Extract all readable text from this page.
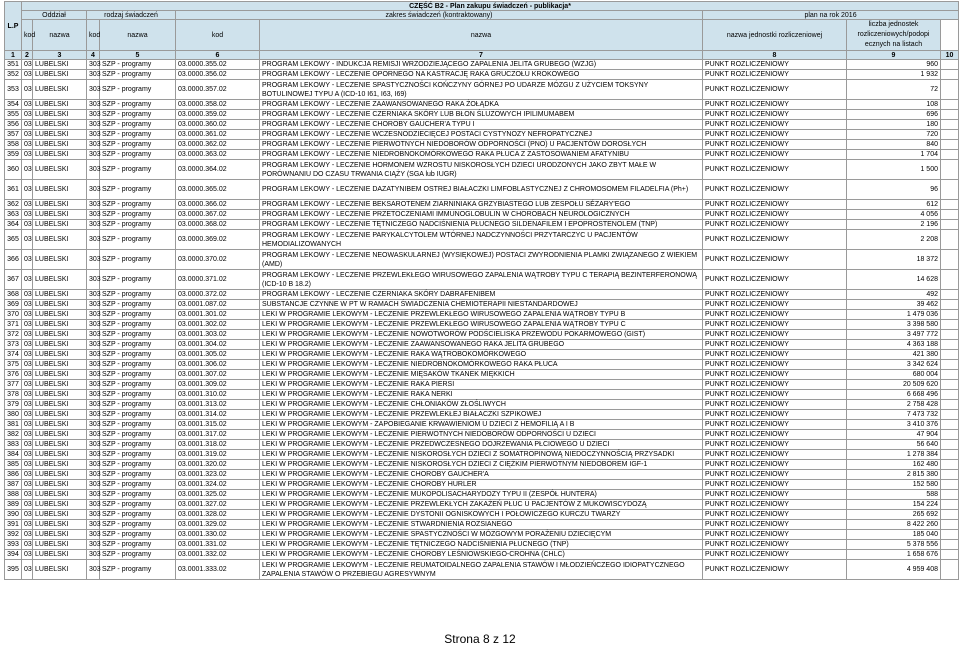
L.P	CZĘŚĆ B2 - Plan zakupu świadczeń - publikacja*									
	Oddział		rodzaj świadczeń		zakres świadczeń (kontraktowany)		plan na rok 2016	
	kod	nazwa	kod	nazwa	kod	nazwa	nazwa jednostki rozliczeniowej	liczba jednostek
rozliczeniowych/podopi
ecznych na listach		
1	2	3	4	5	6	7	8	9	10	
351	03	LUBELSKI	303	SZP - programy	03.0000.355.02	PROGRAM LEKOWY - INDUKCJA REMISJI WRZODZIEJĄCEGO ZAPALENIA JELITA GRUBEGO (WZJG)	PUNKT ROZLICZENIOWY	960		
352	03	LUBELSKI	303	SZP - programy	03.0000.356.02	PROGRAM LEKOWY - LECZENIE OPORNEGO NA KASTRACJĘ RAKA GRUCZOŁU KROKOWEGO	PUNKT ROZLICZENIOWY	1 932		
353	03	LUBELSKI	303	SZP - programy	03.0000.357.02	PROGRAM LEKOWY - LECZENIE SPASTYCZNOŚCI KOŃCZYNY GÓRNEJ PO UDARZE MÓZGU Z UŻYCIEM TOKSYNY BOTULINOWEJ TYPU A (ICD-10 I61, I63, I69)	PUNKT ROZLICZENIOWY	72		
354	03	LUBELSKI	303	SZP - programy	03.0000.358.02	PROGRAM LEKOWY - LECZENIE ZAAWANSOWANEGO RAKA ŻOŁĄDKA	PUNKT ROZLICZENIOWY	108		
355	03	LUBELSKI	303	SZP - programy	03.0000.359.02	PROGRAM LEKOWY - LECZENIE CZERNIAKA SKÓRY LUB BŁON ŚLUZOWYCH IPILIMUMABEM	PUNKT ROZLICZENIOWY	696		
356	03	LUBELSKI	303	SZP - programy	03.0000.360.02	PROGRAM LEKOWY - LECZENIE CHOROBY GAUCHER'A TYPU I	PUNKT ROZLICZENIOWY	180		
357	03	LUBELSKI	303	SZP - programy	03.0000.361.02	PROGRAM LEKOWY - LECZENIE WCZESNODZIECIĘCEJ POSTACI CYSTYNOZY NEFROPATYCZNEJ	PUNKT ROZLICZENIOWY	720		
358	03	LUBELSKI	303	SZP - programy	03.0000.362.02	PROGRAM LEKOWY - LECZENIE PIERWOTNYCH NIEDOBORÓW ODPORNOŚCI (PNO) U PACJENTÓW DOROSŁYCH	PUNKT ROZLICZENIOWY	840		
359	03	LUBELSKI	303	SZP - programy	03.0000.363.02	PROGRAM LEKOWY - LECZENIE NIEDROBNOKOMÓRKOWEGO RAKA PŁUCA Z ZASTOSOWANIEM AFATYNIBU	PUNKT ROZLICZENIOWY	1 704		
360	03	LUBELSKI	303	SZP - programy	03.0000.364.02	PROGRAM LEKOWY - LECZENIE HORMONEM WZROSTU NISKOROSŁYCH DZIECI URODZONYCH JAKO ZBYT MAŁE W PORÓWNANIU DO CZASU TRWANIA CIĄŻY (SGA lub IUGR)	PUNKT ROZLICZENIOWY	1 500		
361	03	LUBELSKI	303	SZP - programy	03.0000.365.02	PROGRAM LEKOWY - LECZENIE DAZATYNIBEM OSTREJ BIAŁACZKI LIMFOBLASTYCZNEJ Z CHROMOSOMEM FILADELFIA (Ph+)	PUNKT ROZLICZENIOWY	96		
362	03	LUBELSKI	303	SZP - programy	03.0000.366.02	PROGRAM LEKOWY - LECZENIE BEKSAROTENEM ZIARNINIAKA GRZYBIASTEGO LUB ZESPOŁU SÉZARY'EGO	PUNKT ROZLICZENIOWY	612		
363	03	LUBELSKI	303	SZP - programy	03.0000.367.02	PROGRAM LEKOWY - LECZENIE PRZETOCZENIAMI IMMUNOGLOBULIN W CHOROBACH NEUROLOGICZNYCH	PUNKT ROZLICZENIOWY	4 056		
364	03	LUBELSKI	303	SZP - programy	03.0000.368.02	PROGRAM LEKOWY - LECZENIE TĘTNICZEGO NADCIŚNIENIA PŁUCNEGO SILDENAFILEM I EPOPROSTENOLEM (TNP)	PUNKT ROZLICZENIOWY	2 196		
365	03	LUBELSKI	303	SZP - programy	03.0000.369.02	PROGRAM LEKOWY - LECZENIE PARYKALCYTOLEM WTÓRNEJ NADCZYNNOŚCI PRZYTARCZYC U PACJENTÓW HEMODIALIZOWANYCH	PUNKT ROZLICZENIOWY	2 208		
366	03	LUBELSKI	303	SZP - programy	03.0000.370.02	PROGRAM LEKOWY - LECZENIE NEOWASKULARNEJ (WYSIĘKOWEJ) POSTACI ZWYRODNIENIA PLAMKI ZWIĄZANEGO Z WIEKIEM (AMD)	PUNKT ROZLICZENIOWY	18 372		
367	03	LUBELSKI	303	SZP - programy	03.0000.371.02	PROGRAM LEKOWY - LECZENIE PRZEWLEKŁEGO WIRUSOWEGO ZAPALENIA WĄTROBY TYPU C TERAPIĄ BEZINTERFERONOWĄ (ICD-10 B 18.2)	PUNKT ROZLICZENIOWY	14 628		
368	03	LUBELSKI	303	SZP - programy	03.0000.372.02	PROGRAM LEKOWY - LECZENIE CZERNIAKA SKÓRY DABRAFENIBEM	PUNKT ROZLICZENIOWY	492		
369	03	LUBELSKI	303	SZP - programy	03.0001.087.02	SUBSTANCJE CZYNNE W PT W RAMACH ŚWIADCZENIA CHEMIOTERAPII NIESTANDARDOWEJ	PUNKT ROZLICZENIOWY	39 462		
370	03	LUBELSKI	303	SZP - programy	03.0001.301.02	LEKI W PROGRAMIE LEKOWYM - LECZENIE PRZEWLEKŁEGO WIRUSOWEGO ZAPALENIA WĄTROBY TYPU B	PUNKT ROZLICZENIOWY	1 479 036		
371	03	LUBELSKI	303	SZP - programy	03.0001.302.02	LEKI W PROGRAMIE LEKOWYM - LECZENIE PRZEWLEKŁEGO WIRUSOWEGO ZAPALENIA WĄTROBY TYPU C	PUNKT ROZLICZENIOWY	3 398 580		
372	03	LUBELSKI	303	SZP - programy	03.0001.303.02	LEKI W PROGRAMIE LEKOWYM - LECZENIE NOWOTWORÓW PODŚCIELISKA PRZEWODU POKARMOWEGO (GIST)	PUNKT ROZLICZENIOWY	3 497 772		
373	03	LUBELSKI	303	SZP - programy	03.0001.304.02	LEKI W PROGRAMIE LEKOWYM - LECZENIE ZAAWANSOWANEGO RAKA JELITA GRUBEGO	PUNKT ROZLICZENIOWY	4 363 188		
374	03	LUBELSKI	303	SZP - programy	03.0001.305.02	LEKI W PROGRAMIE LEKOWYM - LECZENIE RAKA WĄTROBOKOMÓRKOWEGO	PUNKT ROZLICZENIOWY	421 380		
375	03	LUBELSKI	303	SZP - programy	03.0001.306.02	LEKI W PROGRAMIE LEKOWYM - LECZENIE NIEDROBNOKOMÓRKOWEGO RAKA PŁUCA	PUNKT ROZLICZENIOWY	3 342 624		
376	03	LUBELSKI	303	SZP - programy	03.0001.307.02	LEKI W PROGRAMIE LEKOWYM - LECZENIE MIĘSAKÓW TKANEK MIĘKKICH	PUNKT ROZLICZENIOWY	680 004		
377	03	LUBELSKI	303	SZP - programy	03.0001.309.02	LEKI W PROGRAMIE LEKOWYM - LECZENIE RAKA PIERSI	PUNKT ROZLICZENIOWY	20 509 620		
378	03	LUBELSKI	303	SZP - programy	03.0001.310.02	LEKI W PROGRAMIE LEKOWYM - LECZENIE RAKA NERKI	PUNKT ROZLICZENIOWY	6 668 496		
379	03	LUBELSKI	303	SZP - programy	03.0001.313.02	LEKI W PROGRAMIE LEKOWYM - LECZENIE CHŁONIAKÓW ZŁOŚLIWYCH	PUNKT ROZLICZENIOWY	2 758 428		
380	03	LUBELSKI	303	SZP - programy	03.0001.314.02	LEKI W PROGRAMIE LEKOWYM - LECZENIE PRZEWLEKŁEJ BIAŁACZKI SZPIKOWEJ	PUNKT ROZLICZENIOWY	7 473 732		
381	03	LUBELSKI	303	SZP - programy	03.0001.315.02	LEKI W PROGRAMIE LEKOWYM - ZAPOBIEGANIE KRWAWIENIOM U DZIECI Z HEMOFILIĄ A I B	PUNKT ROZLICZENIOWY	3 410 376		
382	03	LUBELSKI	303	SZP - programy	03.0001.317.02	LEKI W PROGRAMIE LEKOWYM - LECZENIE PIERWOTNYCH NIEDOBORÓW ODPORNOŚCI U DZIECI	PUNKT ROZLICZENIOWY	47 904		
383	03	LUBELSKI	303	SZP - programy	03.0001.318.02	LEKI W PROGRAMIE LEKOWYM - LECZENIE PRZEDWCZESNEGO DOJRZEWANIA PŁCIOWEGO U DZIECI	PUNKT ROZLICZENIOWY	56 640		
384	03	LUBELSKI	303	SZP - programy	03.0001.319.02	LEKI W PROGRAMIE LEKOWYM - LECZENIE NISKOROSŁYCH DZIECI Z SOMATROPINOWĄ NIEDOCZYNNOŚCIĄ PRZYSADKI	PUNKT ROZLICZENIOWY	1 278 384		
385	03	LUBELSKI	303	SZP - programy	03.0001.320.02	LEKI W PROGRAMIE LEKOWYM - LECZENIE NISKOROSŁYCH DZIECI Z CIĘŻKIM PIERWOTNYM NIEDOBOREM IGF-1	PUNKT ROZLICZENIOWY	162 480		
386	03	LUBELSKI	303	SZP - programy	03.0001.323.02	LEKI W PROGRAMIE LEKOWYM - LECZENIE CHOROBY GAUCHER'A	PUNKT ROZLICZENIOWY	2 815 380		
387	03	LUBELSKI	303	SZP - programy	03.0001.324.02	LEKI W PROGRAMIE LEKOWYM - LECZENIE CHOROBY HURLER	PUNKT ROZLICZENIOWY	152 580		
388	03	LUBELSKI	303	SZP - programy	03.0001.325.02	LEKI W PROGRAMIE LEKOWYM - LECZENIE MUKOPOLISACHARYDOZY TYPU II (ZESPÓŁ HUNTERA)	PUNKT ROZLICZENIOWY	588		
389	03	LUBELSKI	303	SZP - programy	03.0001.327.02	LEKI W PROGRAMIE LEKOWYM - LECZENIE PRZEWLEKŁYCH ZAKAŻEŃ PŁUC U PACJENTÓW Z MUKOWISCYDOZĄ	PUNKT ROZLICZENIOWY	154 224		
390	03	LUBELSKI	303	SZP - programy	03.0001.328.02	LEKI W PROGRAMIE LEKOWYM - LECZENIE DYSTONII OGNISKOWYCH I POŁOWICZEGO KURCZU TWARZY	PUNKT ROZLICZENIOWY	265 692		
391	03	LUBELSKI	303	SZP - programy	03.0001.329.02	LEKI W PROGRAMIE LEKOWYM - LECZENIE STWARDNIENIA ROZSIANEGO	PUNKT ROZLICZENIOWY	8 422 260		
392	03	LUBELSKI	303	SZP - programy	03.0001.330.02	LEKI W PROGRAMIE LEKOWYM - LECZENIE SPASTYCZNOŚCI W MÓZGOWYM PORAŻENIU DZIECIĘCYM	PUNKT ROZLICZENIOWY	185 040		
393	03	LUBELSKI	303	SZP - programy	03.0001.331.02	LEKI W PROGRAMIE LEKOWYM - LECZENIE TĘTNICZEGO NADCIŚNIENIA PŁUCNEGO (TNP)	PUNKT ROZLICZENIOWY	5 378 556		
394	03	LUBELSKI	303	SZP - programy	03.0001.332.02	LEKI W PROGRAMIE LEKOWYM - LECZENIE CHOROBY LEŚNIOWSKIEGO-CROHNA (CHLC)	PUNKT ROZLICZENIOWY	1 658 676		
395	03	LUBELSKI	303	SZP - programy	03.0001.333.02	LEKI W PROGRAMIE LEKOWYM - LECZENIE REUMATOIDALNEGO ZAPALENIA STAWÓW I MŁODZIEŃCZEGO IDIOPATYCZNEGO ZAPALENIA STAWÓW O PRZEBIEGU AGRESYWNYM	PUNKT ROZLICZENIOWY	4 959 408		
Strona 8 z 12
